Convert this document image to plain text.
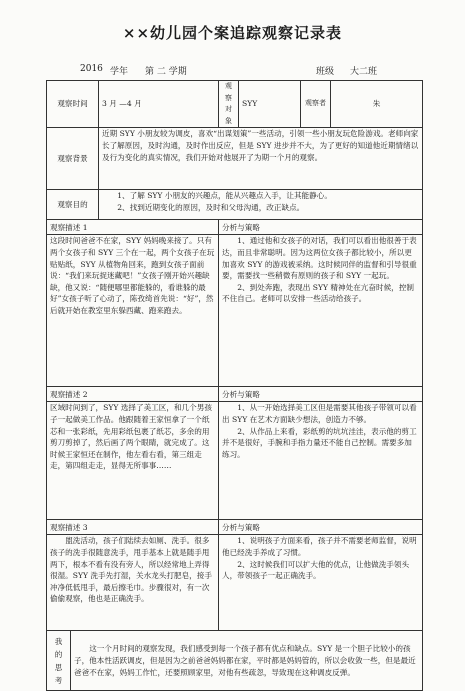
××幼儿园个案追踪观察记录表
2016 学年 第 二 学期	班级 大二班
观察时间		3 月 —4 月	观察对象	SYY	观察者	朱
观察背景		近期 SYY 小朋友较为调皮，喜欢“出谋划策”一些活动，引领一些小朋友玩危险游戏。老师向家长了解原因，及时沟通，及时作出反应，但是 SYY 进步并不大，为了更好的知道他近期情绪以及行为变化的真实情况，我们开始对他展开了为期一个月的观察。				

观察目的		1、了解 SYY 小朋友的兴趣点，能从兴趣点入手，让其能静心。

2、找到近期变化的原因，及时和父母沟通，改正缺点。				

观察描述 1			分析与策略			

这段时间爸爸不在家，SYY 妈妈晚来接了。只有两个女孩子和 SYY 三个在一起，两个女孩子在玩贴贴纸，SYY 从植物角回来，跑到女孩子面前说：“我们来玩捉迷藏吧！”女孩子刚开始兴趣缺缺，他又说：“随便哪里都能躲的，看谁躲的最好”女孩子听了心动了，陈孜绮首先说：“好”，然后就开始在教室里东躲西藏、跑来跑去。			1、通过他和女孩子的对话，我们可以看出他很善于表达，而且非常聪明。因为这两位女孩子都比较小，所以更加喜欢 SYY 的游戏被采纳。这时候同伴的监督和引导很重要，需要找一些稍微有原则的孩子和 SYY 一起玩。

2、到处奔跑，表现出 SYY 精神处在亢奋时候，控制不住自己。老师可以安排一些活动给孩子。			

观察描述 2			分析与策略			

区域时间到了，SYY 选择了美工区，和几个男孩子一起做美工作品。他跟随着王家恒拿了一个纸芯和一张彩纸，先用彩纸包裹了纸芯，多余的用剪刀剪掉了，然后画了两个眼睛，就完成了。这时候王家恒还在制作，他左看右看，第三组走走，第四组走走，显得无所事事……			1、从一开始选择美工区但是需要其他孩子带领可以看出 SYY 在艺术方面缺少想法，创造力不够。

2、从作品上来看，彩纸剪的坑坑洼洼，表示他的剪工并不是很好，手腕和手指力量还不能自己控制。需要多加练习。			

观察描述 3			分析与策略			

盥洗活动，孩子们陆续去如厕、洗手。很多孩子的洗手很随意洗手，甩手基本上就是随手甩两下，根本不看有没有旁人，所以经常地上弄得很湿。SYY 洗手先打湿，关水龙头打肥皂，接手冲净低低甩手，最后擦毛巾。步骤很对，有一次偷偷观察，他也是正确洗手。			1、说明孩子方面来看，孩子并不需要老师监督，说明他已经洗手养成了习惯。

2、这时候我们可以扩大他的优点，让他做洗手领头人，带领孩子一起正确洗手。			

我
的
思
考	这一个月时间的观察发现，我们感受到每一个孩子都有优点和缺点。SYY 是一个胆子比较小的孩子，他本性活跃调皮，但是因为之前爸爸妈妈都在家，平时都是妈妈管的，所以会收敛一些，但是最近爸爸不在家，妈妈工作忙，还要照顾家里，对他有些疏忽，导致现在这种调皮反弹。					
